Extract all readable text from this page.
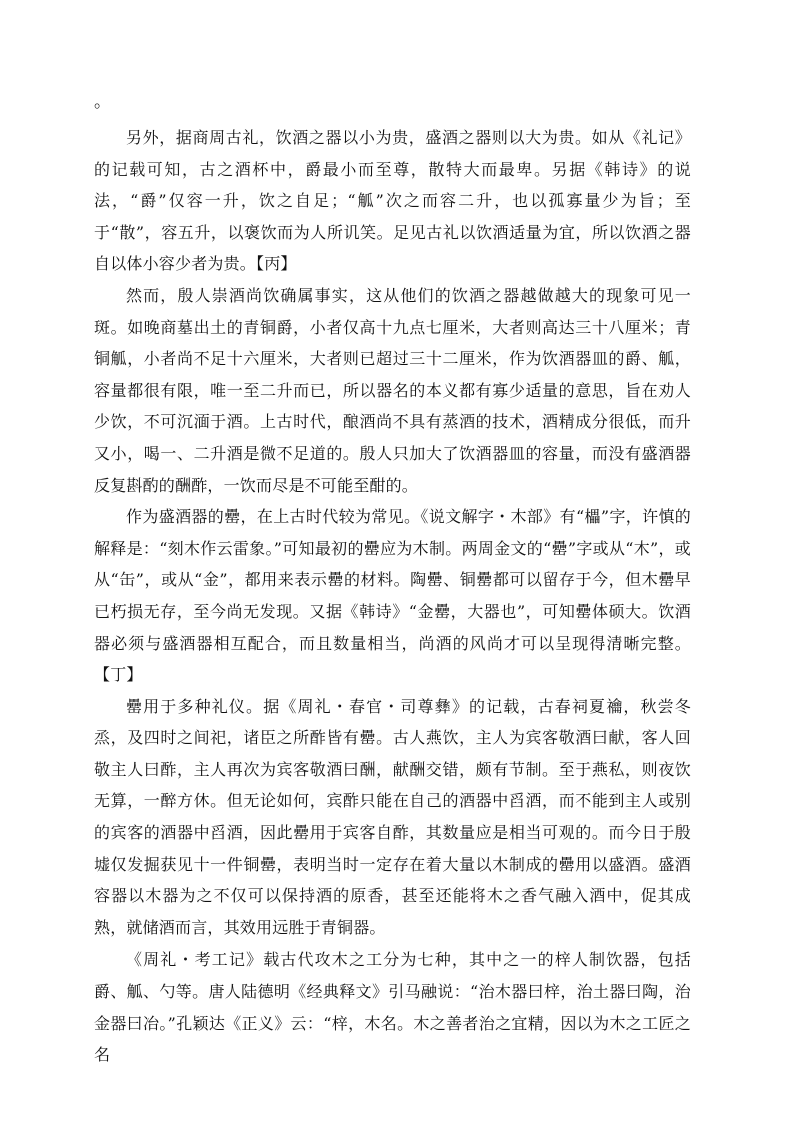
。

另外，据商周古礼，饮酒之器以小为贵，盛酒之器则以大为贵。如从《礼记》的记载可知，古之酒杯中，爵最小而至尊，散特大而最卑。另据《韩诗》的说法，“爵”仅容一升，饮之自足；“觚”次之而容二升，也以孤寡量少为旨；至于“散”，容五升，以褒饮而为人所讥笑。足见古礼以饮酒适量为宜，所以饮酒之器自以体小容少者为贵。【丙】

然而，殷人崇酒尚饮确属事实，这从他们的饮酒之器越做越大的现象可见一斑。如晚商墓出土的青铜爵，小者仅高十九点七厘米，大者则高达三十八厘米；青铜觚，小者尚不足十六厘米，大者则已超过三十二厘米，作为饮酒器皿的爵、觚，容量都很有限，唯一至二升而已，所以器名的本义都有寡少适量的意思，旨在劝人少饮，不可沉湎于酒。上古时代，酿酒尚不具有蒸酒的技术，酒精成分很低，而升又小，喝一、二升酒是微不足道的。殷人只加大了饮酒器皿的容量，而没有盛酒器反复斟酌的酬酢，一饮而尽是不可能至酣的。

作为盛酒器的罍，在上古时代较为常见。《说文解字・木部》有“櫑”字，许慎的解释是：“刻木作云雷象。”可知最初的罍应为木制。两周金文的“罍”字或从“木”，或从“缶”，或从“金”，都用来表示罍的材料。陶罍、铜罍都可以留存于今，但木罍早已朽损无存，至今尚无发现。又据《韩诗》“金罍，大器也”，可知罍体硕大。饮酒器必须与盛酒器相互配合，而且数量相当，尚酒的风尚才可以呈现得清晰完整。【丁】

罍用于多种礼仪。据《周礼・春官・司尊彝》的记载，古春祠夏禴，秋尝冬烝，及四时之间祀，诸臣之所酢皆有罍。古人燕饮，主人为宾客敬酒曰献，客人回敬主人曰酢，主人再次为宾客敬酒曰酬，献酬交错，颇有节制。至于燕私，则夜饮无算，一醉方休。但无论如何，宾酢只能在自己的酒器中舀酒，而不能到主人或别的宾客的酒器中舀酒，因此罍用于宾客自酢，其数量应是相当可观的。而今日于殷墟仅发掘获见十一件铜罍，表明当时一定存在着大量以木制成的罍用以盛酒。盛酒容器以木器为之不仅可以保持酒的原香，甚至还能将木之香气融入酒中，促其成熟，就储酒而言，其效用远胜于青铜器。

《周礼・考工记》载古代攻木之工分为七种，其中之一的梓人制饮器，包括爵、觚、勺等。唐人陆德明《经典释文》引马融说：“治木器曰梓，治土器曰陶，治金器曰冶。”孔颖达《正义》云：“梓，木名。木之善者治之宜精，因以为木之工匠之名
